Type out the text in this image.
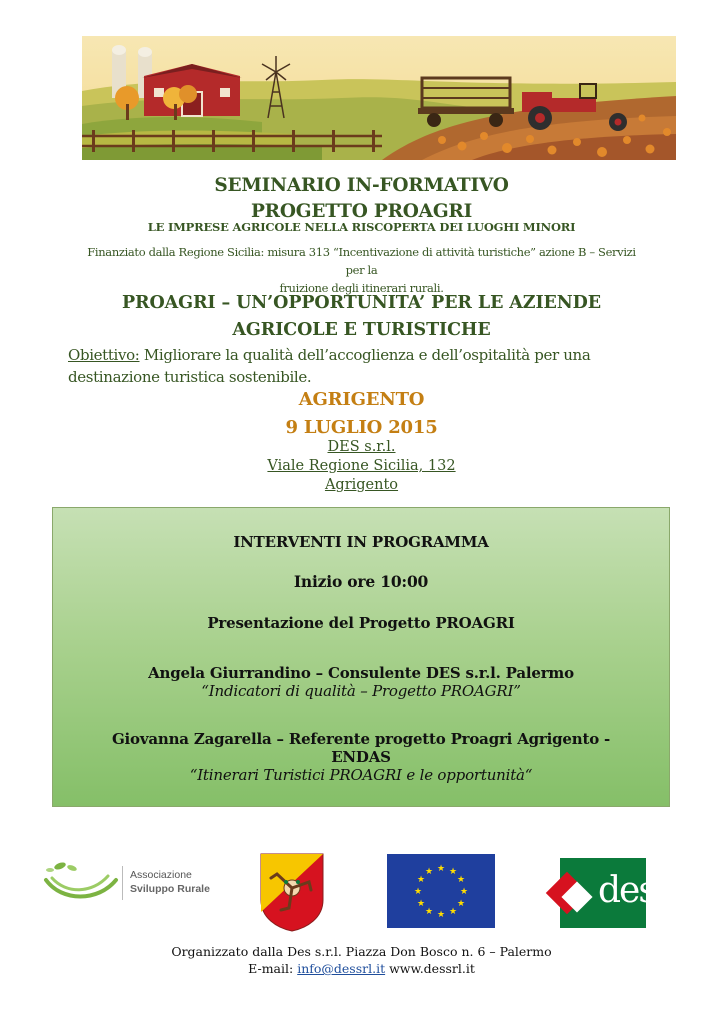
SEMINARIO IN-FORMATIVO
PROGETTO PROAGRI
LE IMPRESE AGRICOLE NELLA RISCOPERTA DEI LUOGHI MINORI
Finanziato dalla Regione Sicilia: misura 313 “Incentivazione di attività turistiche” azione B – Servizi per la
fruizione degli itinerari rurali.
PROAGRI – UN’OPPORTUNITA’ PER LE AZIENDE
AGRICOLE E TURISTICHE
Obiettivo: Migliorare la qualità dell’accoglienza e dell’ospitalità per una destinazione turistica sostenibile.
AGRIGENTO
9 LUGLIO 2015
DES s.r.l.
Viale Regione Sicilia, 132
Agrigento
INTERVENTI IN PROGRAMMA
Inizio ore 10:00
Presentazione del Progetto PROAGRI
Angela Giurrandino – Consulente DES s.r.l. Palermo
“Indicatori di qualità – Progetto PROAGRI”
Giovanna Zagarella – Referente progetto Proagri Agrigento -
ENDAS
“Itinerari Turistici PROAGRI e le opportunità“
Associazione
Sviluppo Rurale
★ ★
★
★
★
★
★
★
★
★
★
★	des
Organizzato dalla Des s.r.l. Piazza Don Bosco n. 6 – Palermo
E-mail: info@dessrl.it www.dessrl.it
